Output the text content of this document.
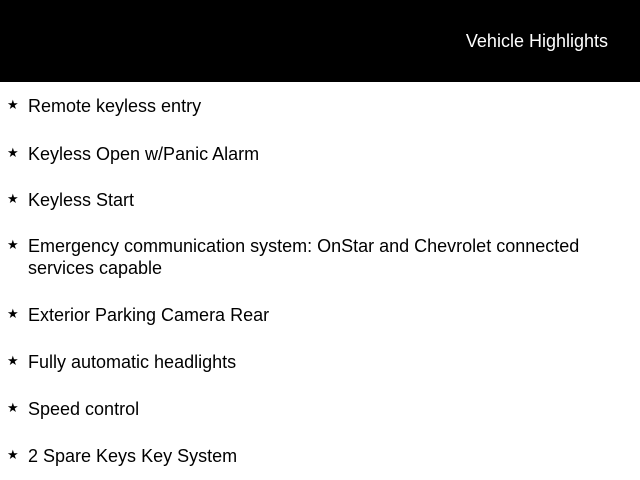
Vehicle Highlights
★ Remote keyless entry
★ Keyless Open w/Panic Alarm
★ Keyless Start
★ Emergency communication system: OnStar and Chevrolet connected services capable
★ Exterior Parking Camera Rear
★ Fully automatic headlights
★ Speed control
★ 2 Spare Keys Key System
